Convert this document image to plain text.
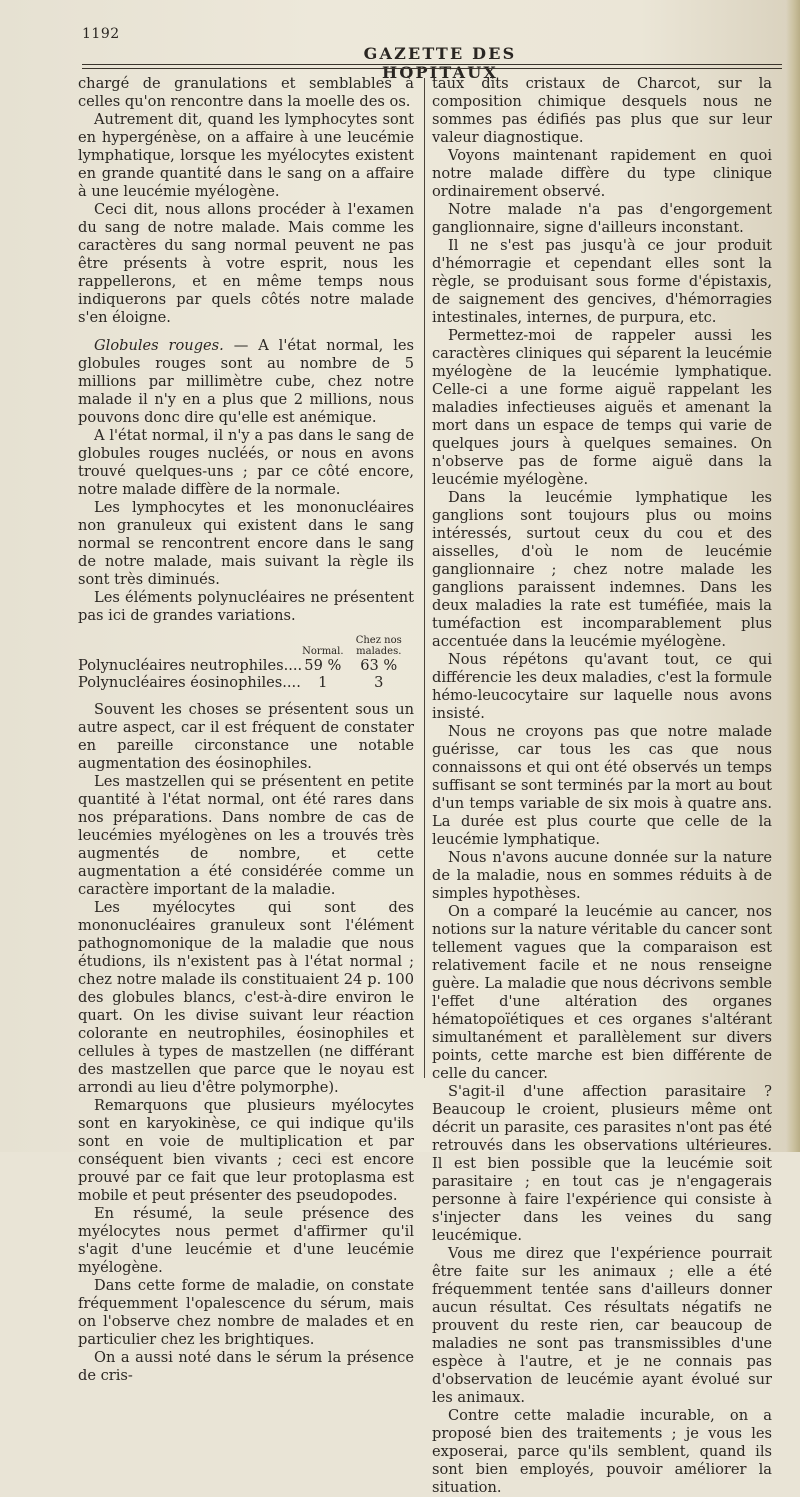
1192
GAZETTE DES HOPITAUX

chargé de granulations et semblables à celles qu'on rencontre dans la moelle des os.

Autrement dit, quand les lymphocytes sont en hypergénèse, on a affaire à une leucémie lymphatique, lorsque les myélocytes existent en grande quantité dans le sang on a affaire à une leucémie myélogène.

Ceci dit, nous allons procéder à l'examen du sang de notre malade. Mais comme les caractères du sang normal peuvent ne pas être présents à votre esprit, nous les rappellerons, et en même temps nous indiquerons par quels côtés notre malade s'en éloigne.

Globules rouges. — A l'état normal, les globules rouges sont au nombre de 5 millions par millimètre cube, chez notre malade il n'y en a plus que 2 millions, nous pouvons donc dire qu'elle est anémique.

A l'état normal, il n'y a pas dans le sang de globules rouges nucléés, or nous en avons trouvé quelques-uns ; par ce côté encore, notre malade diffère de la normale.

Les lymphocytes et les mononucléaires non granuleux qui existent dans le sang normal se rencontrent encore dans le sang de notre malade, mais suivant la règle ils sont très diminués.

Les éléments polynucléaires ne présentent pas ici de grandes variations.

	Normal.	Chez nos malades.
Polynucléaires neutrophiles....	59 %	63 %
Polynucléaires éosinophiles....	1	3

Souvent les choses se présentent sous un autre aspect, car il est fréquent de constater en pareille circonstance une notable augmentation des éosinophiles.

Les mastzellen qui se présentent en petite quantité à l'état normal, ont été rares dans nos préparations. Dans nombre de cas de leucémies myélogènes on les a trouvés très augmentés de nombre, et cette augmentation a été considérée comme un caractère important de la maladie.

Les myélocytes qui sont des mononucléaires granuleux sont l'élément pathognomonique de la maladie que nous étudions, ils n'existent pas à l'état normal ; chez notre malade ils constituaient 24 p. 100 des globules blancs, c'est-à-dire environ le quart. On les divise suivant leur réaction colorante en neutrophiles, éosinophiles et cellules à types de mastzellen (ne différant des mastzellen que parce que le noyau est arrondi au lieu d'être polymorphe).

Remarquons que plusieurs myélocytes sont en karyokinèse, ce qui indique qu'ils sont en voie de multiplication et par conséquent bien vivants ; ceci est encore prouvé par ce fait que leur protoplasma est mobile et peut présenter des pseudopodes.

En résumé, la seule présence des myélocytes nous permet d'affirmer qu'il s'agit d'une leucémie et d'une leucémie myélogène.

Dans cette forme de maladie, on constate fréquemment l'opalescence du sérum, mais on l'observe chez nombre de malades et en particulier chez les brightiques.

On a aussi noté dans le sérum la présence de cris-

taux dits cristaux de Charcot, sur la composition chimique desquels nous ne sommes pas édifiés pas plus que sur leur valeur diagnostique.

Voyons maintenant rapidement en quoi notre malade diffère du type clinique ordinairement observé.

Notre malade n'a pas d'engorgement ganglionnaire, signe d'ailleurs inconstant.

Il ne s'est pas jusqu'à ce jour produit d'hémorragie et cependant elles sont la règle, se produisant sous forme d'épistaxis, de saignement des gencives, d'hémorragies intestinales, internes, de purpura, etc.

Permettez-moi de rappeler aussi les caractères cliniques qui séparent la leucémie myélogène de la leucémie lymphatique. Celle-ci a une forme aiguë rappelant les maladies infectieuses aiguës et amenant la mort dans un espace de temps qui varie de quelques jours à quelques semaines. On n'observe pas de forme aiguë dans la leucémie myélogène.

Dans la leucémie lymphatique les ganglions sont toujours plus ou moins intéressés, surtout ceux du cou et des aisselles, d'où le nom de leucémie ganglionnaire ; chez notre malade les ganglions paraissent indemnes. Dans les deux maladies la rate est tuméfiée, mais la tuméfaction est incomparablement plus accentuée dans la leucémie myélogène.

Nous répétons qu'avant tout, ce qui différencie les deux maladies, c'est la formule hémo-leucocytaire sur laquelle nous avons insisté.

Nous ne croyons pas que notre malade guérisse, car tous les cas que nous connaissons et qui ont été observés un temps suffisant se sont terminés par la mort au bout d'un temps variable de six mois à quatre ans. La durée est plus courte que celle de la leucémie lymphatique.

Nous n'avons aucune donnée sur la nature de la maladie, nous en sommes réduits à de simples hypothèses.

On a comparé la leucémie au cancer, nos notions sur la nature véritable du cancer sont tellement vagues que la comparaison est relativement facile et ne nous renseigne guère. La maladie que nous décrivons semble l'effet d'une altération des organes hématopoïétiques et ces organes s'altérant simultanément et parallèlement sur divers points, cette marche est bien différente de celle du cancer.

S'agit-il d'une affection parasitaire ? Beaucoup le croient, plusieurs même ont décrit un parasite, ces parasites n'ont pas été retrouvés dans les observations ultérieures. Il est bien possible que la leucémie soit parasitaire ; en tout cas je n'engagerais personne à faire l'expérience qui consiste à s'injecter dans les veines du sang leucémique.

Vous me direz que l'expérience pourrait être faite sur les animaux ; elle a été fréquemment tentée sans d'ailleurs donner aucun résultat. Ces résultats négatifs ne prouvent du reste rien, car beaucoup de maladies ne sont pas transmissibles d'une espèce à l'autre, et je ne connais pas d'observation de leucémie ayant évolué sur les animaux.

Contre cette maladie incurable, on a proposé bien des traitements ; je vous les exposerai, parce qu'ils semblent, quand ils sont bien employés, pouvoir améliorer la situation.
